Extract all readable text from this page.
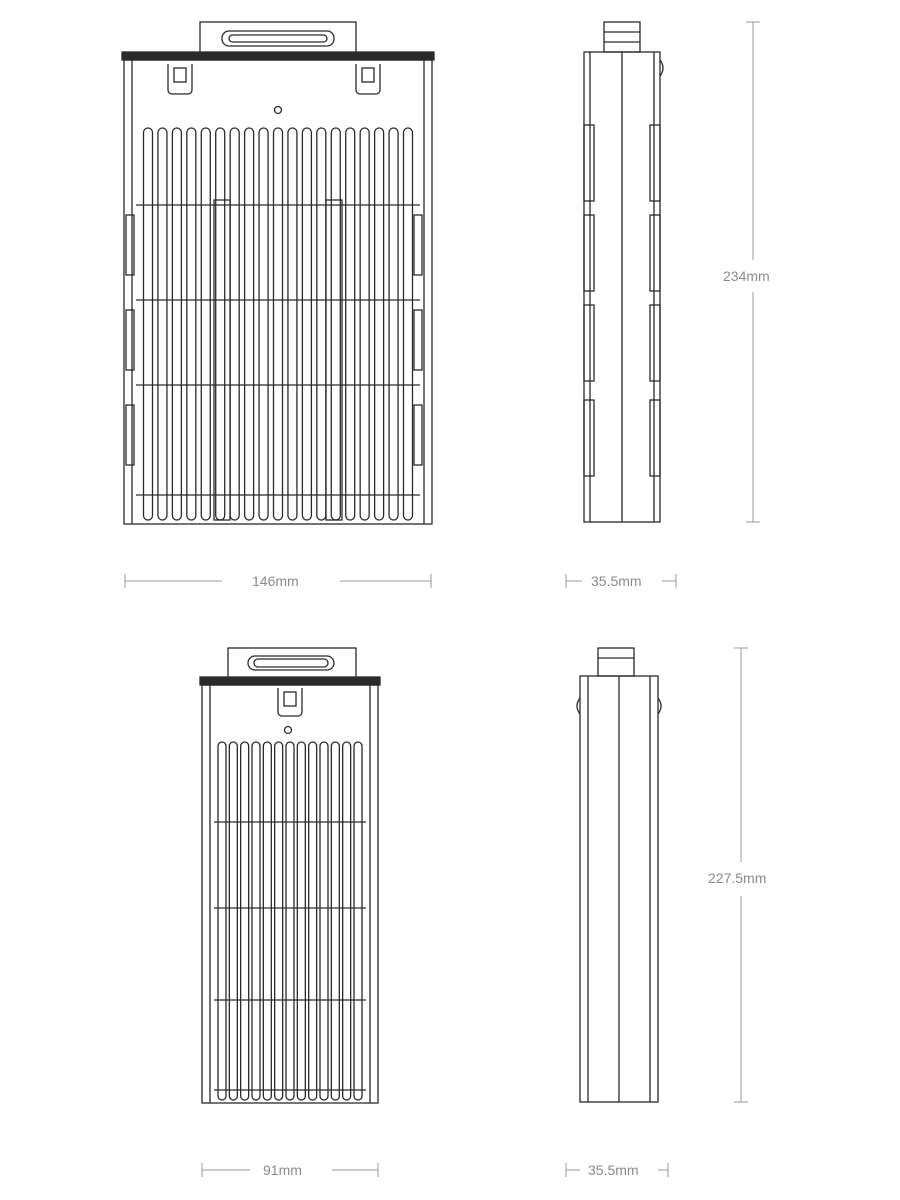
146mm	35.5mm
234mm
91mm	35.5mm
227.5mm
